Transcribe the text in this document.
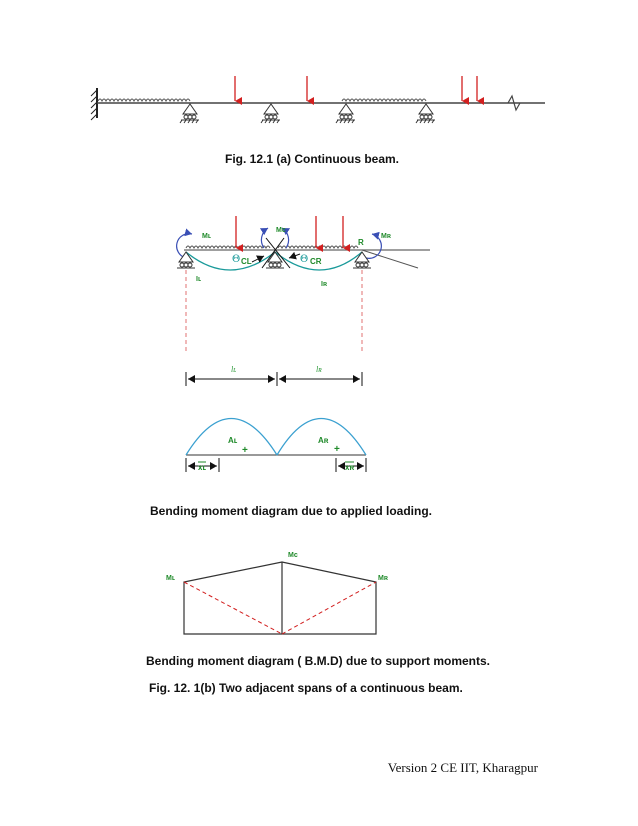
Fig. 12.1 (a) Continuous beam.
Mʟ
Mc
Mʀ
R
Iʟ
Iʀ
Θ CL	Θ CR
lʟ	lʀ
Aʟ
+
Aʀ
+
xʟ	xʀ
Bending moment diagram due to applied loading.
Mʟ
Mc
Mʀ
Bending moment diagram ( B.M.D) due to support moments.
Fig. 12. 1(b) Two adjacent spans of a continuous beam.
Version 2 CE IIT, Kharagpur
